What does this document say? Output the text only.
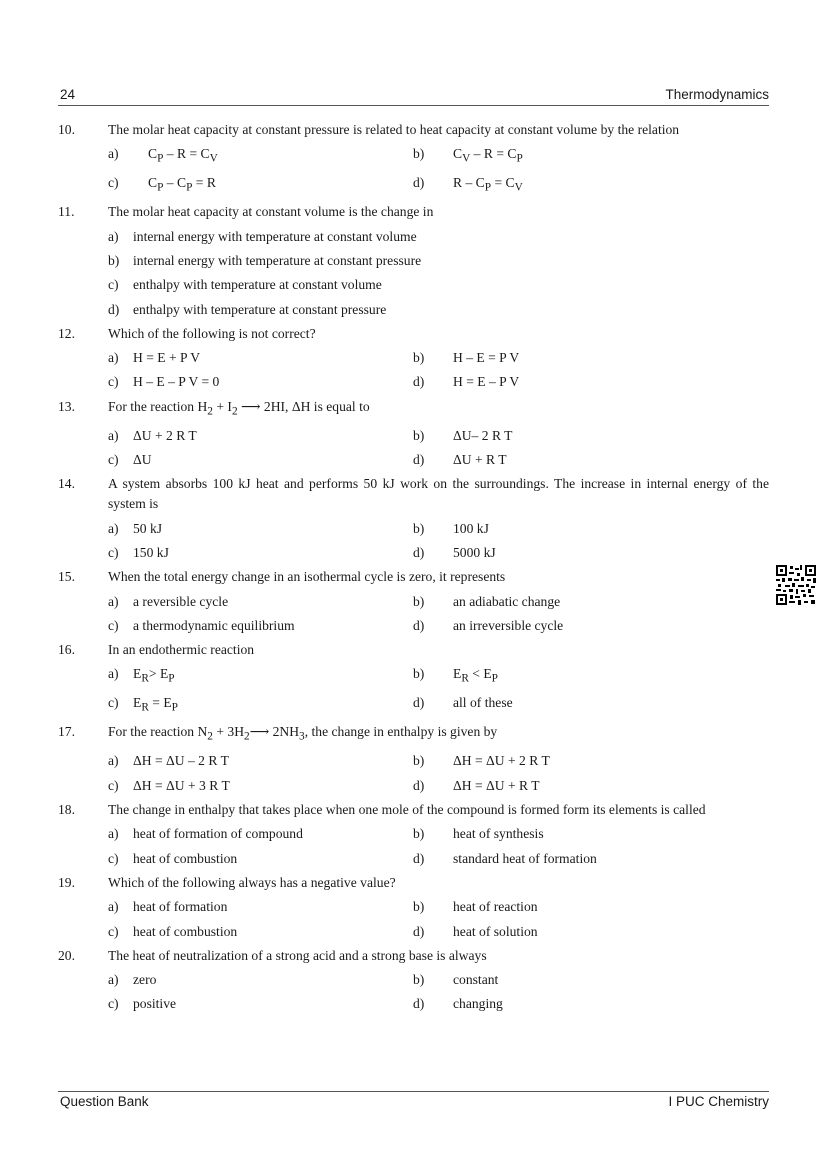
24	Thermodynamics
10.	The molar heat capacity at constant pressure is related to heat capacity at constant volume by the relation
a)	$C_P - R = C_V$	b)	$C_V - R = C_P$
c)	$C_P - C_P = R$	d)	$R - C_P = C_V$
11.	The molar heat capacity at constant volume is the change in
a)	internal energy with temperature at constant volume
b)	internal energy with temperature at constant pressure
c)	enthalpy with temperature at constant volume
d)	enthalpy with temperature at constant pressure
12.	Which of the following is not correct?
a)	H = E + P V	b)	H – E = P V
c)	H – E – P V = 0	d)	H = E – P V
13.	For the reaction $H_2 + I_2$ ⟶ 2HI, ΔH is equal to
a)	ΔU + 2 R T	b)	ΔU– 2 R T
c)	ΔU	d)	ΔU + R T
14.	A system absorbs 100 kJ heat and performs 50 kJ work on the surroundings. The increase in internal energy of the system is
a)	50 kJ	b)	100 kJ
c)	150 kJ	d)	5000 kJ
15.	When the total energy change in an isothermal cycle is zero, it represents
a)	a reversible cycle	b)	an adiabatic change
c)	a thermodynamic equilibrium	d)	an irreversible cycle
16.	In an endothermic reaction
a)	$E_R> E_P$	b)	$E_R < E_P$
c)	$E_R = E_P$	d)	all of these
17.	For the reaction $N_2$ + $3H_2⟶$ $2NH_3$, the change in enthalpy is given by
a)	ΔH = ΔU – 2 R T	b)	ΔH = ΔU + 2 R T
c)	ΔH = ΔU + 3 R T	d)	ΔH = ΔU + R T
18.	The change in enthalpy that takes place when one mole of the compound is formed form its elements is called
a)	heat of formation of compound	b)	heat of synthesis
c)	heat of combustion	d)	standard heat of formation
19.	Which of the following always has a negative value?
a)	heat of formation	b)	heat of reaction
c)	heat of combustion	d)	heat of solution
20.	The heat of neutralization of a strong acid and a strong base is always
a)	zero	b)	constant
c)	positive	d)	changing
Question Bank	I PUC Chemistry
